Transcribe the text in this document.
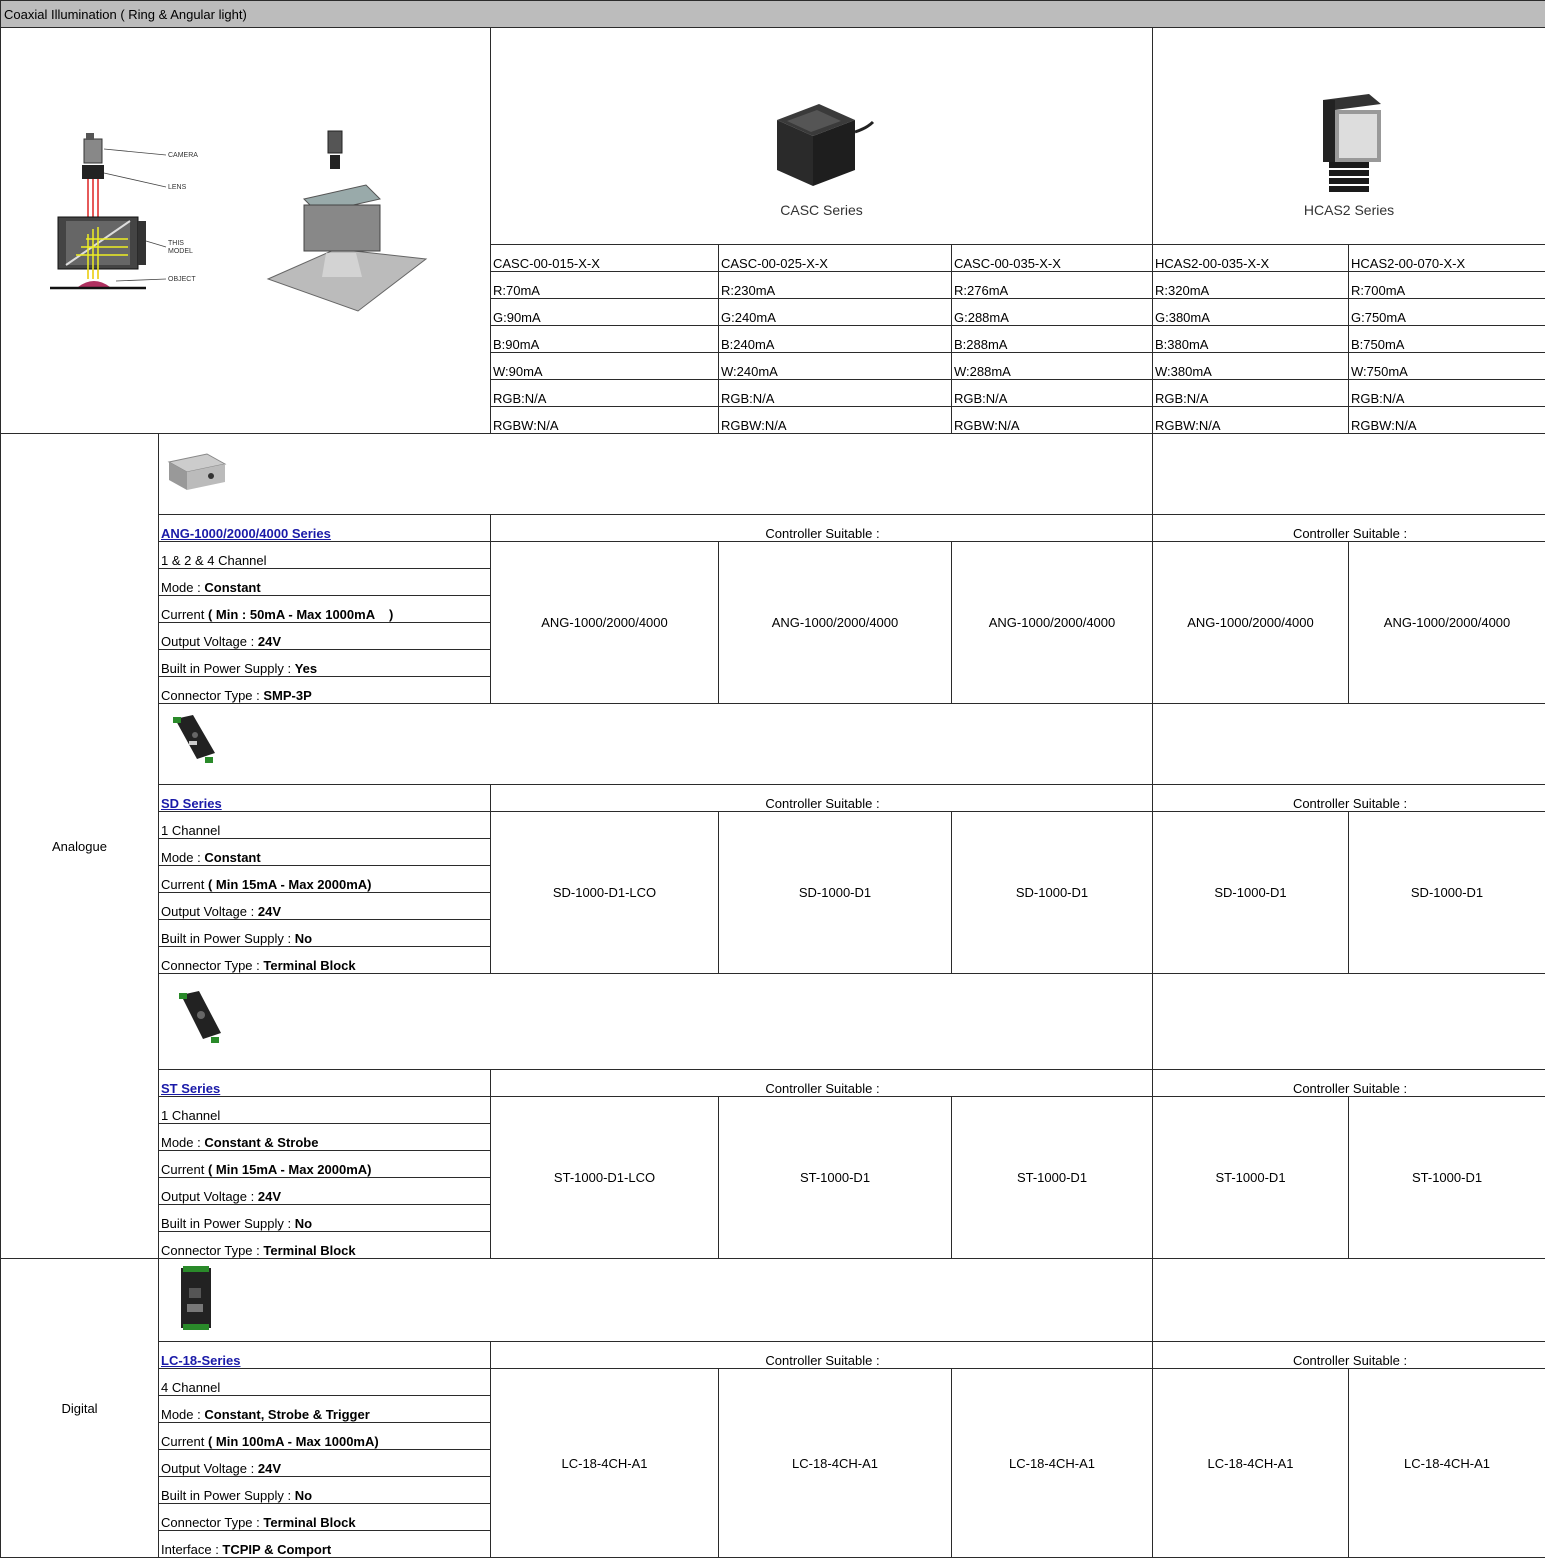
Coaxial Illumination ( Ring & Angular light)						

CAMERA
LENS
THIS
MODEL
OBJECT		CASC Series			HCAS2 Series	

		CASC-00-015-X-X	CASC-00-025-X-X	CASC-00-035-X-X	HCAS2-00-035-X-X	HCAS2-00-070-X-X
		R:70mA	R:230mA	R:276mA	R:320mA	R:700mA
		G:90mA	G:240mA	G:288mA	G:380mA	G:750mA
		B:90mA	B:240mA	B:288mA	B:380mA	B:750mA
		W:90mA	W:240mA	W:288mA	W:380mA	W:750mA
		RGB:N/A	RGB:N/A	RGB:N/A	RGB:N/A	RGB:N/A
		RGBW:N/A	RGBW:N/A	RGBW:N/A	RGBW:N/A	RGBW:N/A
Analogue		
	ANG-1000/2000/4000 Series	Controller Suitable :			Controller Suitable :	
	1 & 2 & 4 Channel	ANG-1000/2000/4000	ANG-1000/2000/4000	ANG-1000/2000/4000	ANG-1000/2000/4000	ANG-1000/2000/4000
	Mode : Constant					
	Current ( Min : 50mA - Max 1000mA    )					
	Output Voltage : 24V					
	Built in Power Supply : Yes					
	Connector Type : SMP-3P					

	SD Series	Controller Suitable :			Controller Suitable :	
	1 Channel	SD-1000-D1-LCO	SD-1000-D1	SD-1000-D1	SD-1000-D1	SD-1000-D1
	Mode : Constant					
	Current ( Min 15mA - Max 2000mA)					
	Output Voltage : 24V					
	Built in Power Supply : No					
	Connector Type : Terminal Block					

	ST Series	Controller Suitable :			Controller Suitable :	
	1 Channel	ST-1000-D1-LCO	ST-1000-D1	ST-1000-D1	ST-1000-D1	ST-1000-D1
	Mode : Constant & Strobe					
	Current ( Min 15mA - Max 2000mA)					
	Output Voltage : 24V					
	Built in Power Supply : No					
	Connector Type : Terminal Block					
Digital		
	LC-18-Series	Controller Suitable :			Controller Suitable :	
	4 Channel	LC-18-4CH-A1	LC-18-4CH-A1	LC-18-4CH-A1	LC-18-4CH-A1	LC-18-4CH-A1
	Mode : Constant, Strobe & Trigger					
	Current ( Min 100mA - Max 1000mA)					
	Output Voltage : 24V					
	Built in Power Supply : No					
	Connector Type : Terminal Block					
	Interface : TCPIP & Comport					
